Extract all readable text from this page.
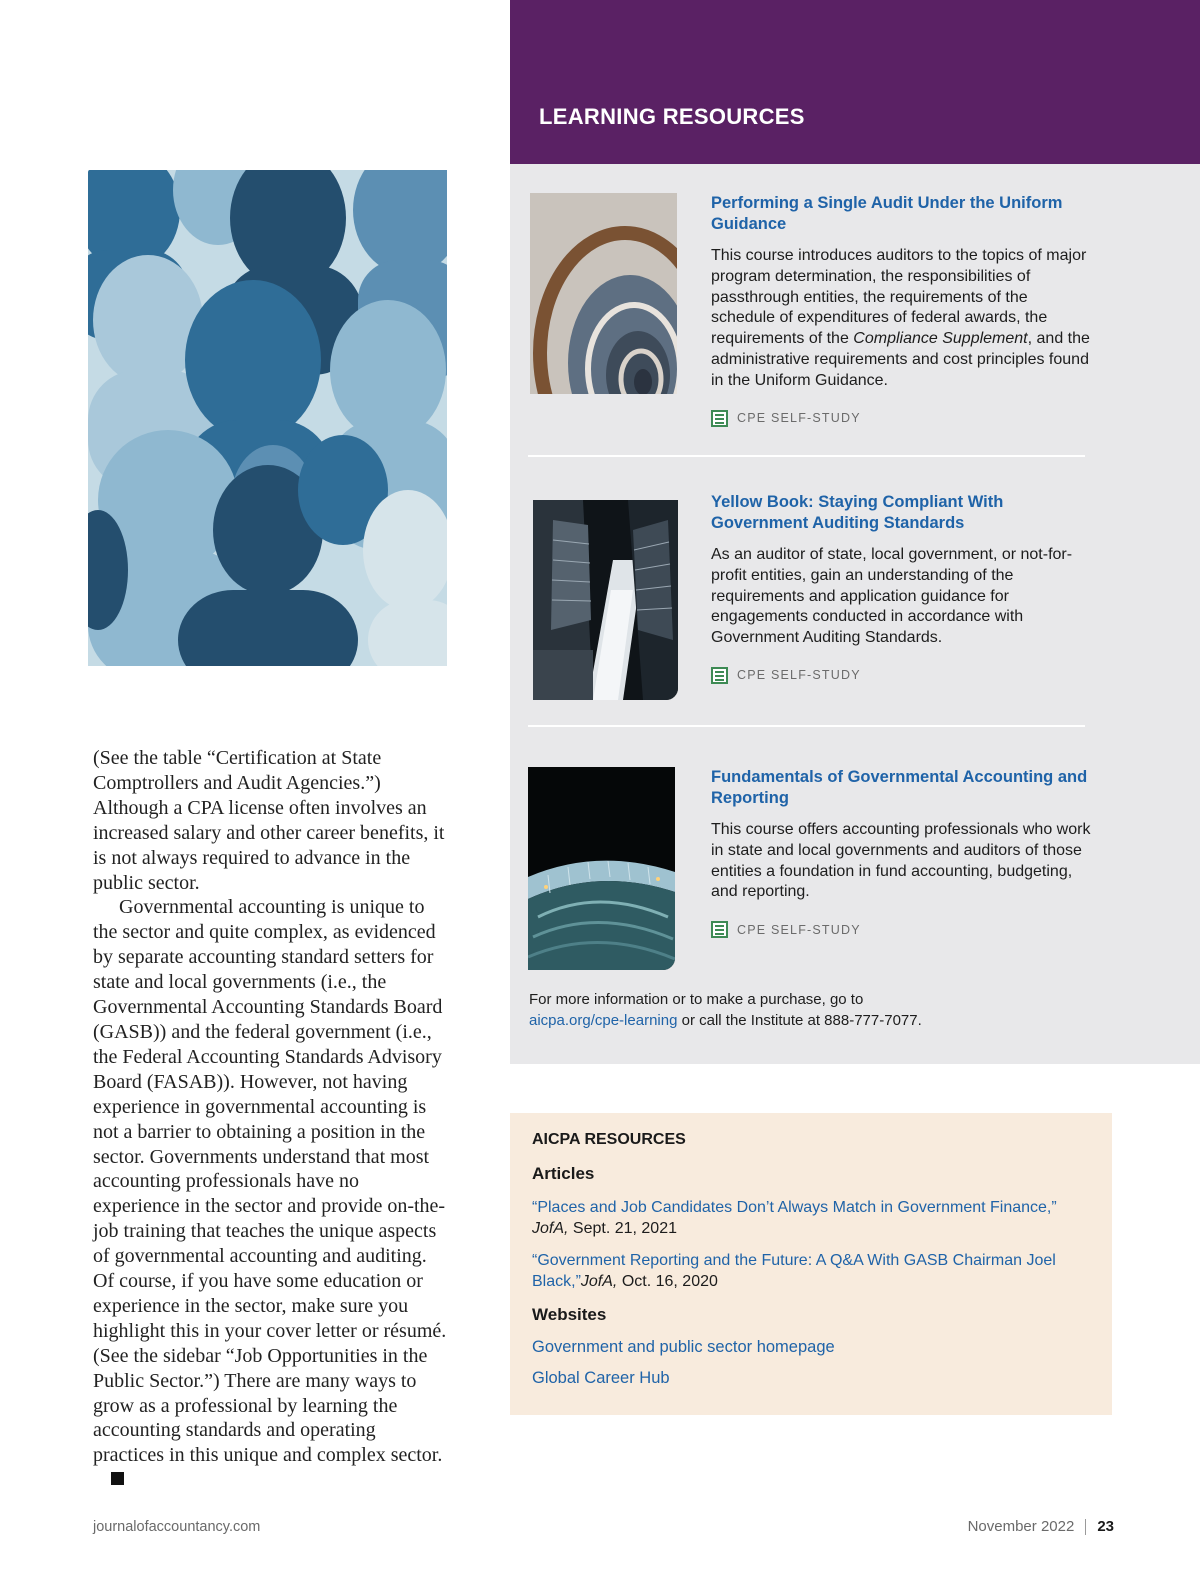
(See the table “Certification at State Comptrollers and Audit Agencies.”) Although a CPA license often involves an increased salary and other career benefits, it is not always required to advance in the public sector.

Governmental accounting is unique to the sector and quite complex, as evidenced by separate accounting standard setters for state and local governments (i.e., the Governmental Accounting Standards Board (GASB)) and the federal government (i.e., the Federal Accounting Standards Advisory Board (FASAB)). However, not having experience in governmental accounting is not a barrier to obtaining a position in the sector. Governments understand that most accounting professionals have no experience in the sector and provide on-the-job training that teaches the unique aspects of governmental accounting and auditing. Of course, if you have some education or experience in the sector, make sure you highlight this in your cover letter or résumé. (See the sidebar “Job Opportunities in the Public Sector.”) There are many ways to grow as a professional by learning the accounting standards and operating practices in this unique and complex sector.

LEARNING RESOURCES
Performing a Single Audit Under the Uniform Guidance
This course introduces auditors to the topics of major program determination, the responsibilities of passthrough entities, the requirements of the schedule of expenditures of federal awards, the requirements of the Compliance Supplement, and the administrative requirements and cost principles found in the Uniform Guidance.
CPE SELF-STUDY
Yellow Book: Staying Compliant With Government Auditing Standards
As an auditor of state, local government, or not-for-profit entities, gain an understanding of the requirements and application guidance for engagements conducted in accordance with Government Auditing Standards.
CPE SELF-STUDY
Fundamentals of Governmental Accounting and Reporting
This course offers accounting professionals who work in state and local governments and auditors of those entities a foundation in fund accounting, budgeting, and reporting.
CPE SELF-STUDY
For more information or to make a purchase, go to
aicpa.org/cpe-learning or call the Institute at 888-777-7077.
AICPA RESOURCES
Articles
“Places and Job Candidates Don’t Always Match in Government Finance,”
JofA, Sept. 21, 2021
“Government Reporting and the Future: A Q&A With GASB Chairman Joel Black,”JofA, Oct. 16, 2020
Websites
Government and public sector homepage
Global Career Hub
journalofaccountancy.com	November 2022 23
